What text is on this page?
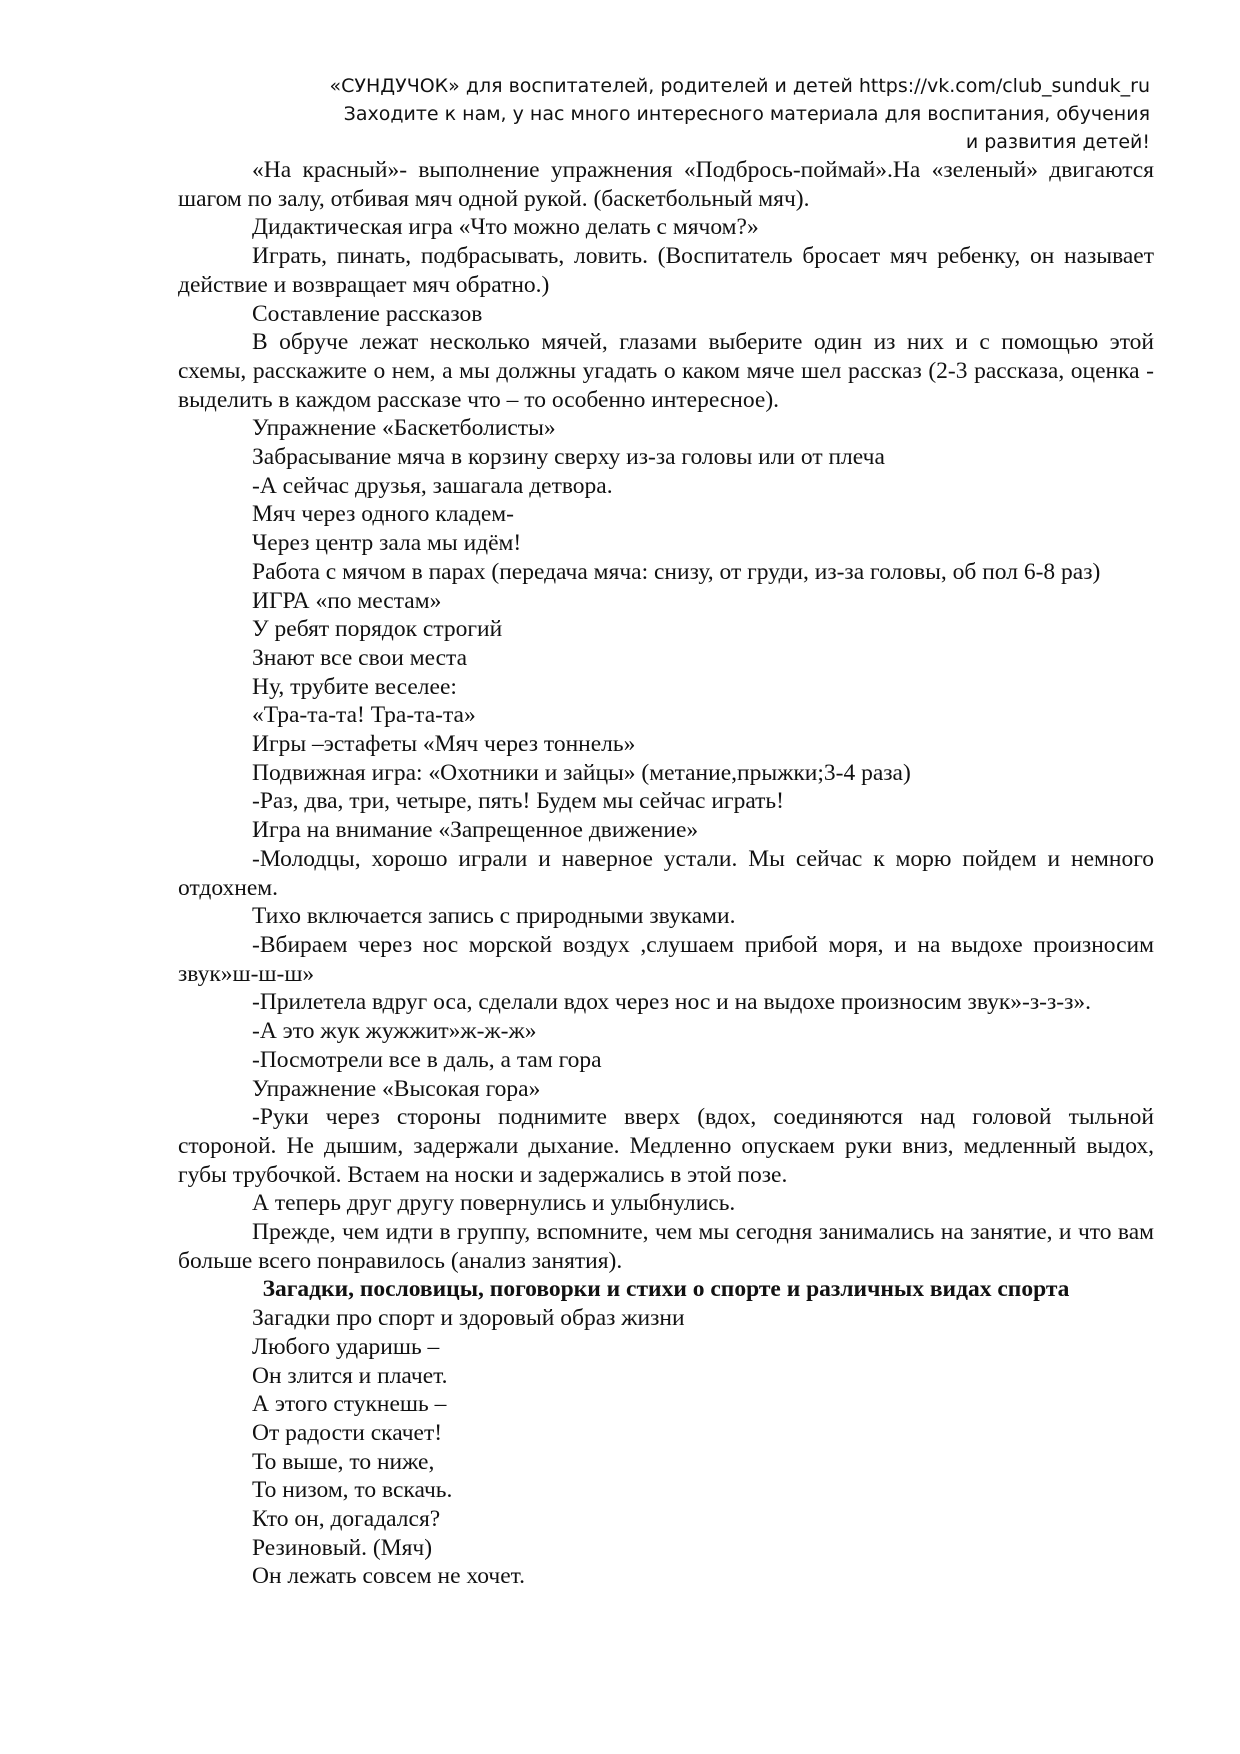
«СУНДУЧОК» для воспитателей, родителей и детей https://vk.com/club_sunduk_ru
Заходите к нам, у нас много интересного материала для воспитания, обучения
и развития детей!

«На красный»- выполнение упражнения «Подбрось-поймай».На «зеленый» двигаются шагом по залу, отбивая мяч одной рукой. (баскетбольный мяч).

Дидактическая игра «Что можно делать с мячом?»

Играть, пинать, подбрасывать, ловить. (Воспитатель бросает мяч ребенку, он называет действие и возвращает мяч обратно.)

Составление рассказов

В обруче лежат несколько мячей, глазами выберите один из них и с помощью этой схемы, расскажите о нем, а мы должны угадать о каком мяче шел рассказ (2-3 рассказа, оценка - выделить в каждом рассказе что – то особенно интересное).

Упражнение «Баскетболисты»

Забрасывание мяча в корзину сверху из-за головы или от плеча

-А сейчас друзья, зашагала детвора.

Мяч через одного кладем-

Через центр зала мы идём!

Работа с мячом в парах (передача мяча: снизу, от груди, из-за головы, об пол 6-8 раз)

ИГРА «по местам»

У ребят порядок строгий

Знают все свои места

Ну, трубите веселее:

«Тра-та-та! Тра-та-та»

Игры –эстафеты «Мяч через тоннель»

Подвижная игра: «Охотники и зайцы» (метание,прыжки;3-4 раза)

-Раз, два, три, четыре, пять! Будем мы сейчас играть!

Игра на внимание «Запрещенное движение»

-Молодцы, хорошо играли и наверное устали. Мы сейчас к морю пойдем и немного отдохнем.

Тихо включается запись с природными звуками.

-Вбираем через нос морской воздух ,слушаем прибой моря, и на выдохе произносим звук»ш-ш-ш»

-Прилетела вдруг оса, сделали вдох через нос и на выдохе произносим звук»-з-з-з».

-А это жук жужжит»ж-ж-ж»

-Посмотрели все в даль, а там гора

Упражнение «Высокая гора»

-Руки через стороны поднимите вверх (вдох, соединяются над головой тыльной стороной. Не дышим, задержали дыхание. Медленно опускаем руки вниз, медленный выдох, губы трубочкой. Встаем на носки и задержались в этой позе.

А теперь друг другу повернулись и улыбнулись.

Прежде, чем идти в группу, вспомните, чем мы сегодня занимались на занятие, и что вам больше всего понравилось (анализ занятия).

Загадки, пословицы, поговорки и стихи о спорте и различных видах спорта

Загадки про спорт и здоровый образ жизни

Любого ударишь –

Он злится и плачет.

А этого стукнешь –

От радости скачет!

То выше, то ниже,

То низом, то вскачь.

Кто он, догадался?

Резиновый. (Мяч)

Он лежать совсем не хочет.
